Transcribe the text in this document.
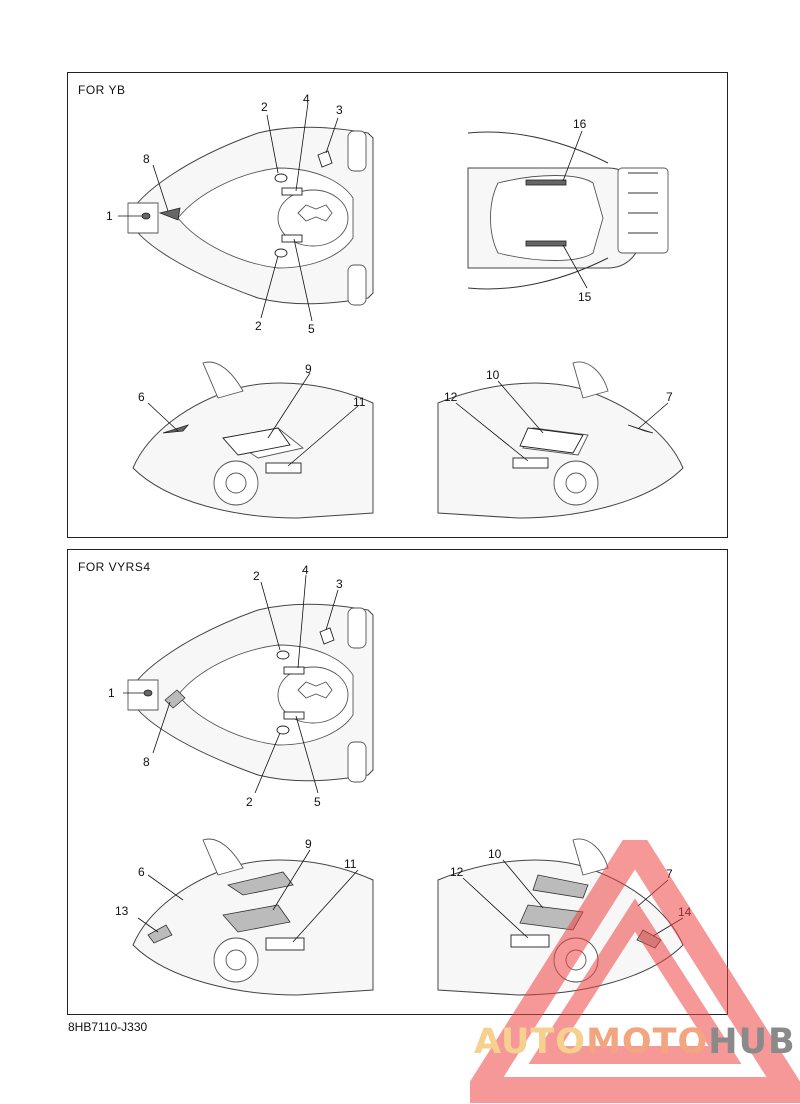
FOR YB
1
2	3
4
8
2	5
16
15
6
9
11	12
10
7
FOR VYRS4
2	4
3
1
8
2	5
9
11
6
13
10
7
12
14
8HB7110-J330	AUTOMOTOHUB
